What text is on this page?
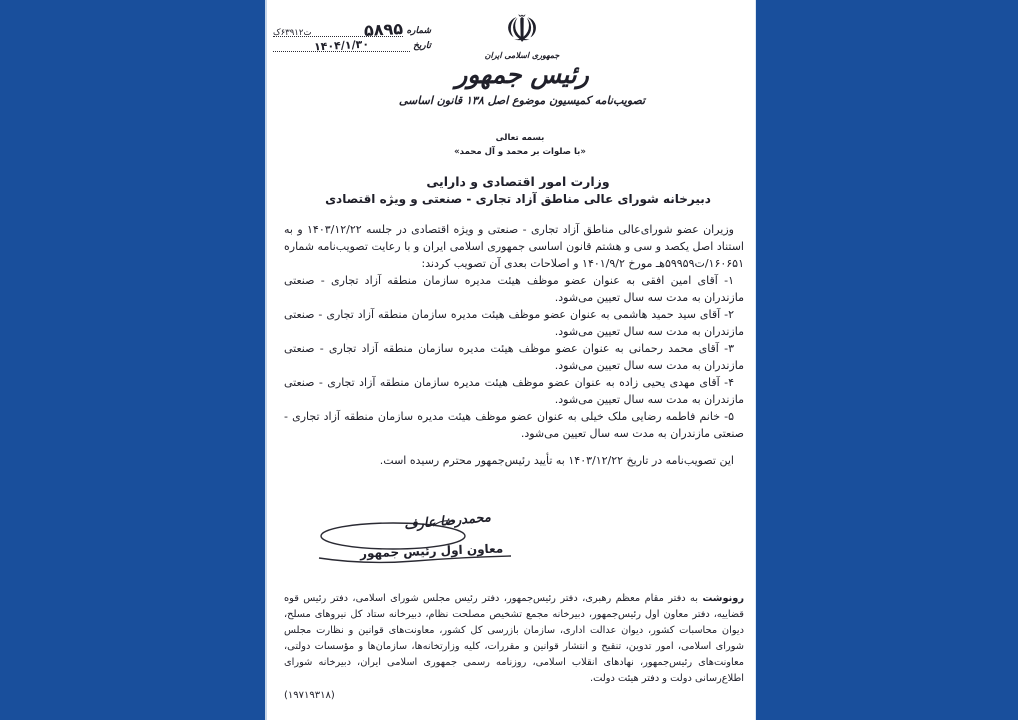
شماره
۵۸۹۵
ت۶۳۹۱۲ک
تاریخ
۱۴۰۴/۱/۳۰	☫
جمهوری اسلامی ایران
رئیس جمهور
تصویب‌نامه کمیسیون موضوع اصل ۱۳۸ قانون اساسی
بسمه تعالی
«با صلوات بر محمد و آل محمد»
وزارت امور اقتصادی و دارایی
دبیرخانه شورای عالی مناطق آزاد تجاری - صنعتی و ویژه اقتصادی

وزیران عضو شورای‌عالی مناطق آزاد تجاری - صنعتی و ویژه اقتصادی در جلسه ۱۴۰۳/۱۲/۲۲ و به استناد اصل یکصد و سی و هشتم قانون اساسی جمهوری اسلامی ایران و با رعایت تصویب‌نامه شماره ۱۶۰۶۵۱/ت۵۹۹۵۹هـ مورخ ۱۴۰۱/۹/۲ و اصلاحات بعدی آن تصویب کردند:

۱- آقای امین افقی به عنوان عضو موظف هیئت مدیره سازمان منطقه آزاد تجاری - صنعتی مازندران به مدت سه سال تعیین می‌شود.

۲- آقای سید حمید هاشمی به عنوان عضو موظف هیئت مدیره سازمان منطقه آزاد تجاری - صنعتی مازندران به مدت سه سال تعیین می‌شود.

۳- آقای محمد رحمانی به عنوان عضو موظف هیئت مدیره سازمان منطقه آزاد تجاری - صنعتی مازندران به مدت سه سال تعیین می‌شود.

۴- آقای مهدی یحیی زاده به عنوان عضو موظف هیئت مدیره سازمان منطقه آزاد تجاری - صنعتی مازندران به مدت سه سال تعیین می‌شود.

۵- خانم فاطمه رضایی ملک خیلی به عنوان عضو موظف هیئت مدیره سازمان منطقه آزاد تجاری - صنعتی مازندران به مدت سه سال تعیین می‌شود.

این تصویب‌نامه در تاریخ ۱۴۰۳/۱۲/۲۲ به تأیید رئیس‌جمهور محترم رسیده است.

محمدرضا عارف
معاون اول رئیس جمهور

رونوشت به دفتر مقام معظم رهبری، دفتر رئیس‌جمهور، دفتر رئیس مجلس شورای اسلامی، دفتر رئیس قوه قضاییه، دفتر معاون اول رئیس‌جمهور، دبیرخانه مجمع تشخیص مصلحت نظام، دبیرخانه ستاد کل نیروهای مسلح، دیوان محاسبات کشور، دیوان عدالت اداری، سازمان بازرسی کل کشور، معاونت‌های قوانین و نظارت مجلس شورای اسلامی، امور تدوین، تنقیح و انتشار قوانین و مقررات، کلیه وزارتخانه‌ها، سازمان‌ها و مؤسسات دولتی، معاونت‌های رئیس‌جمهور، نهادهای انقلاب اسلامی، روزنامه رسمی جمهوری اسلامی ایران، دبیرخانه شورای اطلاع‌رسانی دولت و دفتر هیئت دولت.

(۱۹۷۱۹۳۱۸)
